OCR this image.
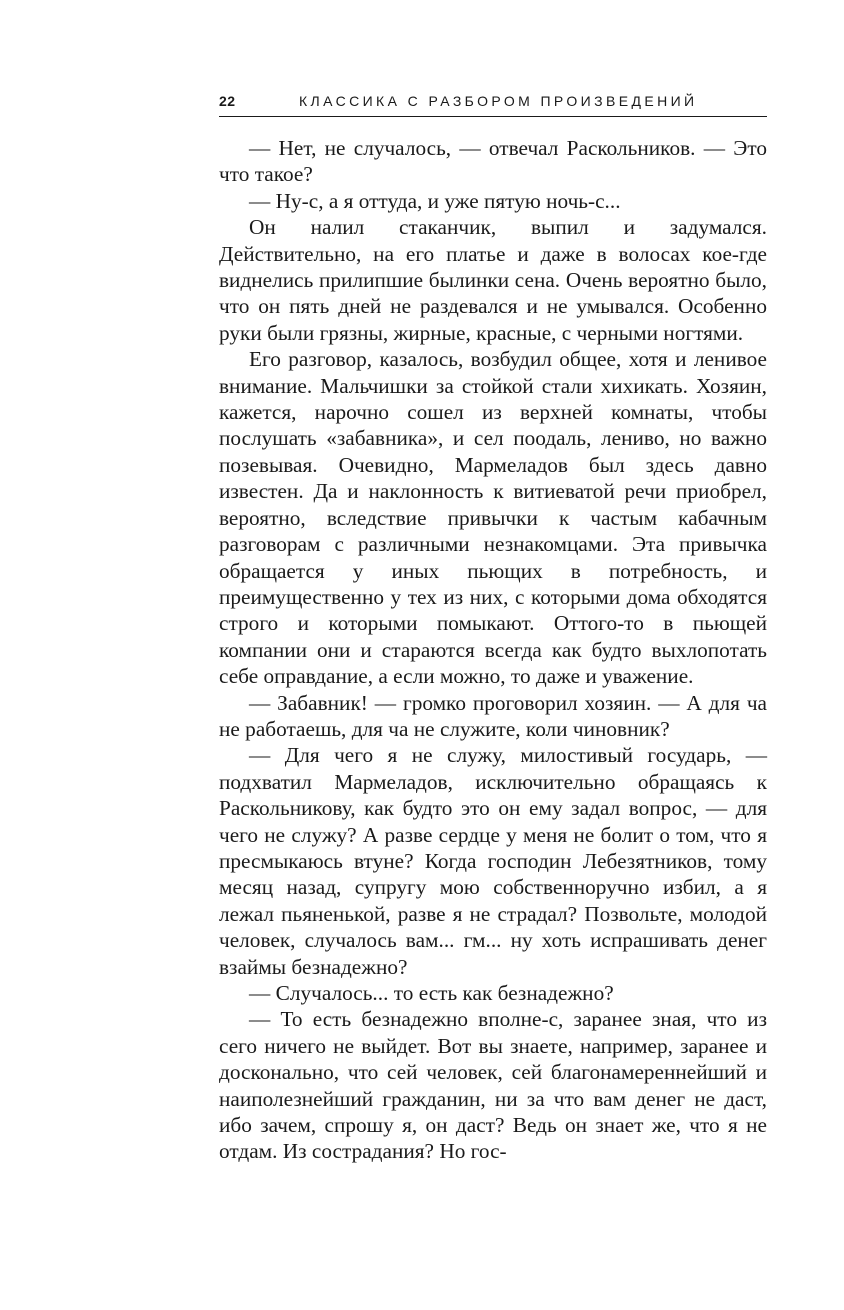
22	КЛАССИКА С РАЗБОРОМ ПРОИЗВЕДЕНИЙ

— Нет, не случалось, — отвечал Раскольников. — Это что такое?

— Ну-с, а я оттуда, и уже пятую ночь-с...

Он налил стаканчик, выпил и задумался. Действительно, на его платье и даже в волосах кое-где виднелись прилипшие былинки сена. Очень вероятно было, что он пять дней не раздевался и не умывался. Особенно руки были грязны, жирные, красные, с черными ногтями.

Его разговор, казалось, возбудил общее, хотя и ленивое внимание. Мальчишки за стойкой стали хихикать. Хозяин, кажется, нарочно сошел из верхней комнаты, чтобы послушать «забавника», и сел поодаль, лениво, но важно позевывая. Очевидно, Мармеладов был здесь давно известен. Да и наклонность к витиеватой речи приобрел, вероятно, вследствие привычки к частым кабачным разговорам с различными незнакомцами. Эта привычка обращается у иных пьющих в потребность, и преимущественно у тех из них, с которыми дома обходятся строго и которыми помыкают. Оттого-то в пьющей компании они и стараются всегда как будто выхлопотать себе оправдание, а если можно, то даже и уважение.

— Забавник! — громко проговорил хозяин. — А для ча не работаешь, для ча не служите, коли чиновник?

— Для чего я не служу, милостивый государь, — подхватил Мармеладов, исключительно обращаясь к Раскольникову, как будто это он ему задал вопрос, — для чего не служу? А разве сердце у меня не болит о том, что я пресмыкаюсь втуне? Когда господин Лебезятников, тому месяц назад, супругу мою собственноручно избил, а я лежал пьяненькой, разве я не страдал? Позвольте, молодой человек, случалось вам... гм... ну хоть испрашивать денег взаймы безнадежно?

— Случалось... то есть как безнадежно?

— То есть безнадежно вполне-с, заранее зная, что из сего ничего не выйдет. Вот вы знаете, например, заранее и досконально, что сей человек, сей благонамереннейший и наиполезнейший гражданин, ни за что вам денег не даст, ибо зачем, спрошу я, он даст? Ведь он знает же, что я не отдам. Из сострадания? Но гос-
